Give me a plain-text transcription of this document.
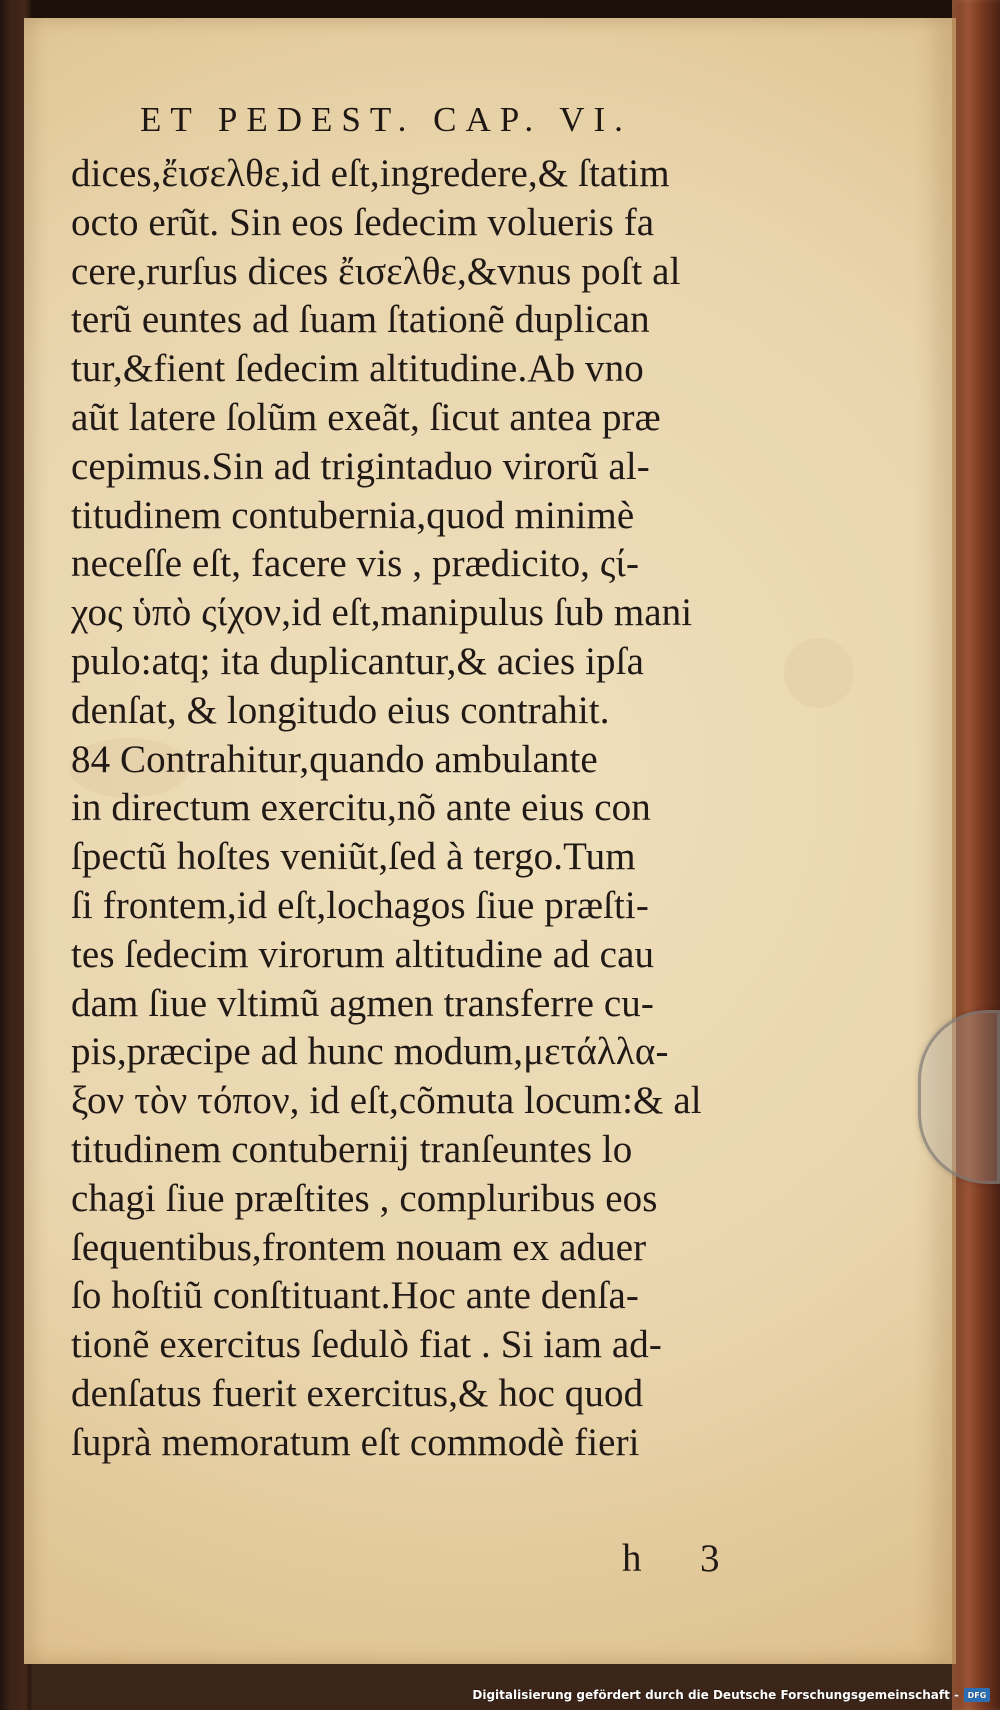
ET PEDEST. CAP. VI.
dices,ἔισελθε,id eſt,ingredere,& ſtatim
octo erũt. Sin eos ſedecim volueris fa
cere,rurſus dices ἔισελθε,&vnus poſt al
terũ euntes ad ſuam ſtationẽ duplican
tur,&fient ſedecim altitudine.Ab vno
aũt latere ſolũm exeãt, ſicut antea præ
cepimus.Sin ad trigintaduo virorũ al-
titudinem contubernia,quod minimè
neceſſe eſt, facere vis , prædicito, ςί-
χος ὑπὸ ςίχον,id eſt,manipulus ſub mani
pulo:atq; ita duplicantur,& acies ipſa
denſat, & longitudo eius contrahit.
84 Contrahitur,quando ambulante
in directum exercitu,nõ ante eius con
ſpectũ hoſtes veniũt,ſed à tergo.Tum
ſi frontem,id eſt,lochagos ſiue præſti-
tes ſedecim virorum altitudine ad cau
dam ſiue vltimũ agmen transferre cu-
pis,præcipe ad hunc modum,μετάλλα-
ξον τὸν τόπον, id eſt,cõmuta locum:& al
titudinem contubernij tranſeuntes lo
chagi ſiue præſtites , compluribus eos
ſequentibus,frontem nouam ex aduer
ſo hoſtiũ conſtituant.Hoc ante denſa-
tionẽ exercitus ſedulò fiat . Si iam ad-
denſatus fuerit exercitus,& hoc quod
ſuprà memoratum eſt commodè fieri
h 3
Digitalisierung gefördert durch die Deutsche Forschungsgemeinschaft -	DFG
